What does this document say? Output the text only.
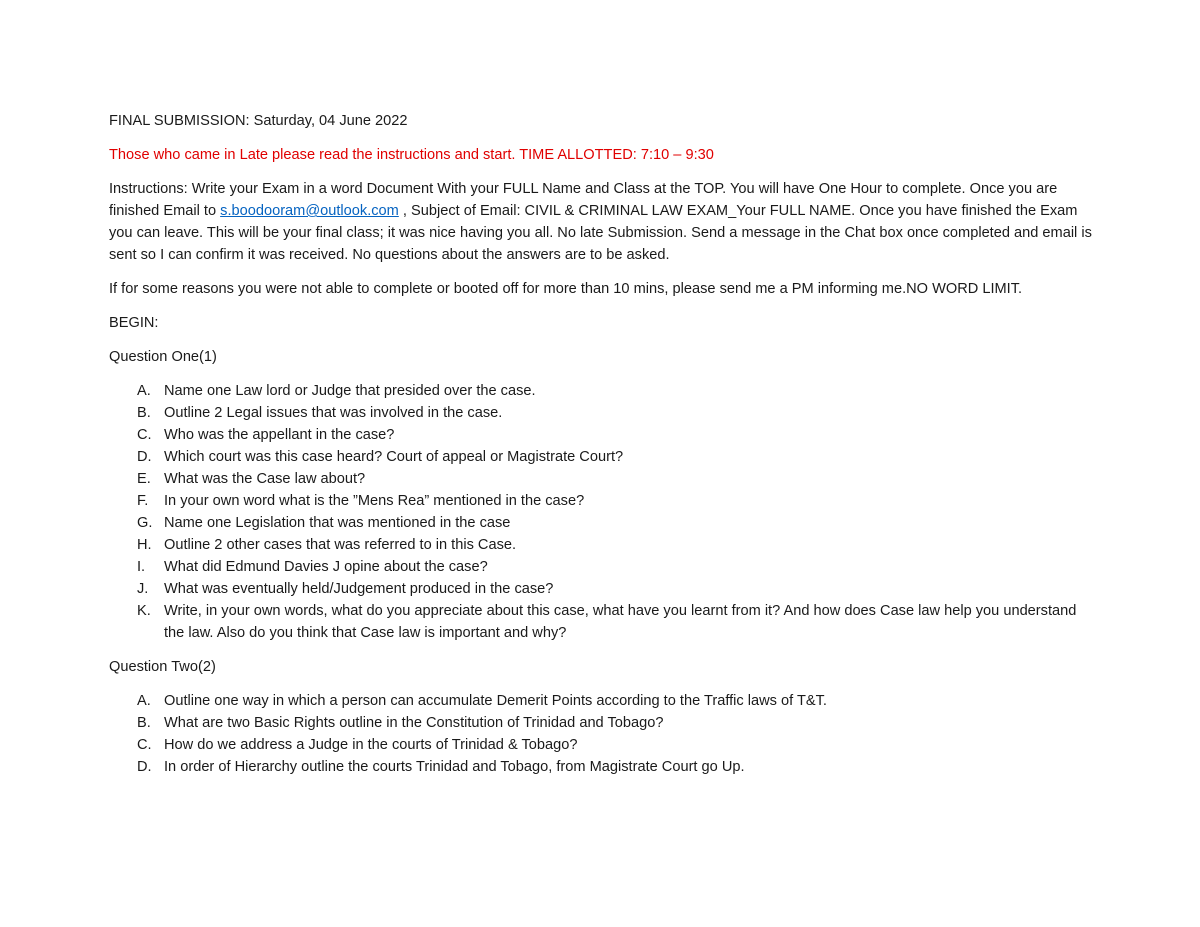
FINAL SUBMISSION: Saturday, 04 June 2022

Those who came in Late please read the instructions and start. TIME ALLOTTED: 7:10 – 9:30

Instructions: Write your Exam in a word Document With your FULL Name and Class at the TOP. You will have One Hour to complete. Once you are finished Email to s.boodooram@outlook.com , Subject of Email: CIVIL & CRIMINAL LAW EXAM_Your FULL NAME. Once you have finished the Exam you can leave. This will be your final class; it was nice having you all. No late Submission. Send a message in the Chat box once completed and email is sent so I can confirm it was received. No questions about the answers are to be asked.

If for some reasons you were not able to complete or booted off for more than 10 mins, please send me a PM informing me.NO WORD LIMIT.

BEGIN:

Question One(1)

A. Name one Law lord or Judge that presided over the case.
B. Outline 2 Legal issues that was involved in the case.
C. Who was the appellant in the case?
D. Which court was this case heard? Court of appeal or Magistrate Court?
E. What was the Case law about?
F. In your own word what is the ”Mens Rea” mentioned in the case?
G. Name one Legislation that was mentioned in the case
H. Outline 2 other cases that was referred to in this Case.
I. What did Edmund Davies J opine about the case?
J. What was eventually held/Judgement produced in the case?
K. Write, in your own words, what do you appreciate about this case, what have you learnt from it? And how does Case law help you understand the law. Also do you think that Case law is important and why?

Question Two(2)

A. Outline one way in which a person can accumulate Demerit Points according to the Traffic laws of T&T.
B. What are two Basic Rights outline in the Constitution of Trinidad and Tobago?
C. How do we address a Judge in the courts of Trinidad & Tobago?
D. In order of Hierarchy outline the courts Trinidad and Tobago, from Magistrate Court go Up.
